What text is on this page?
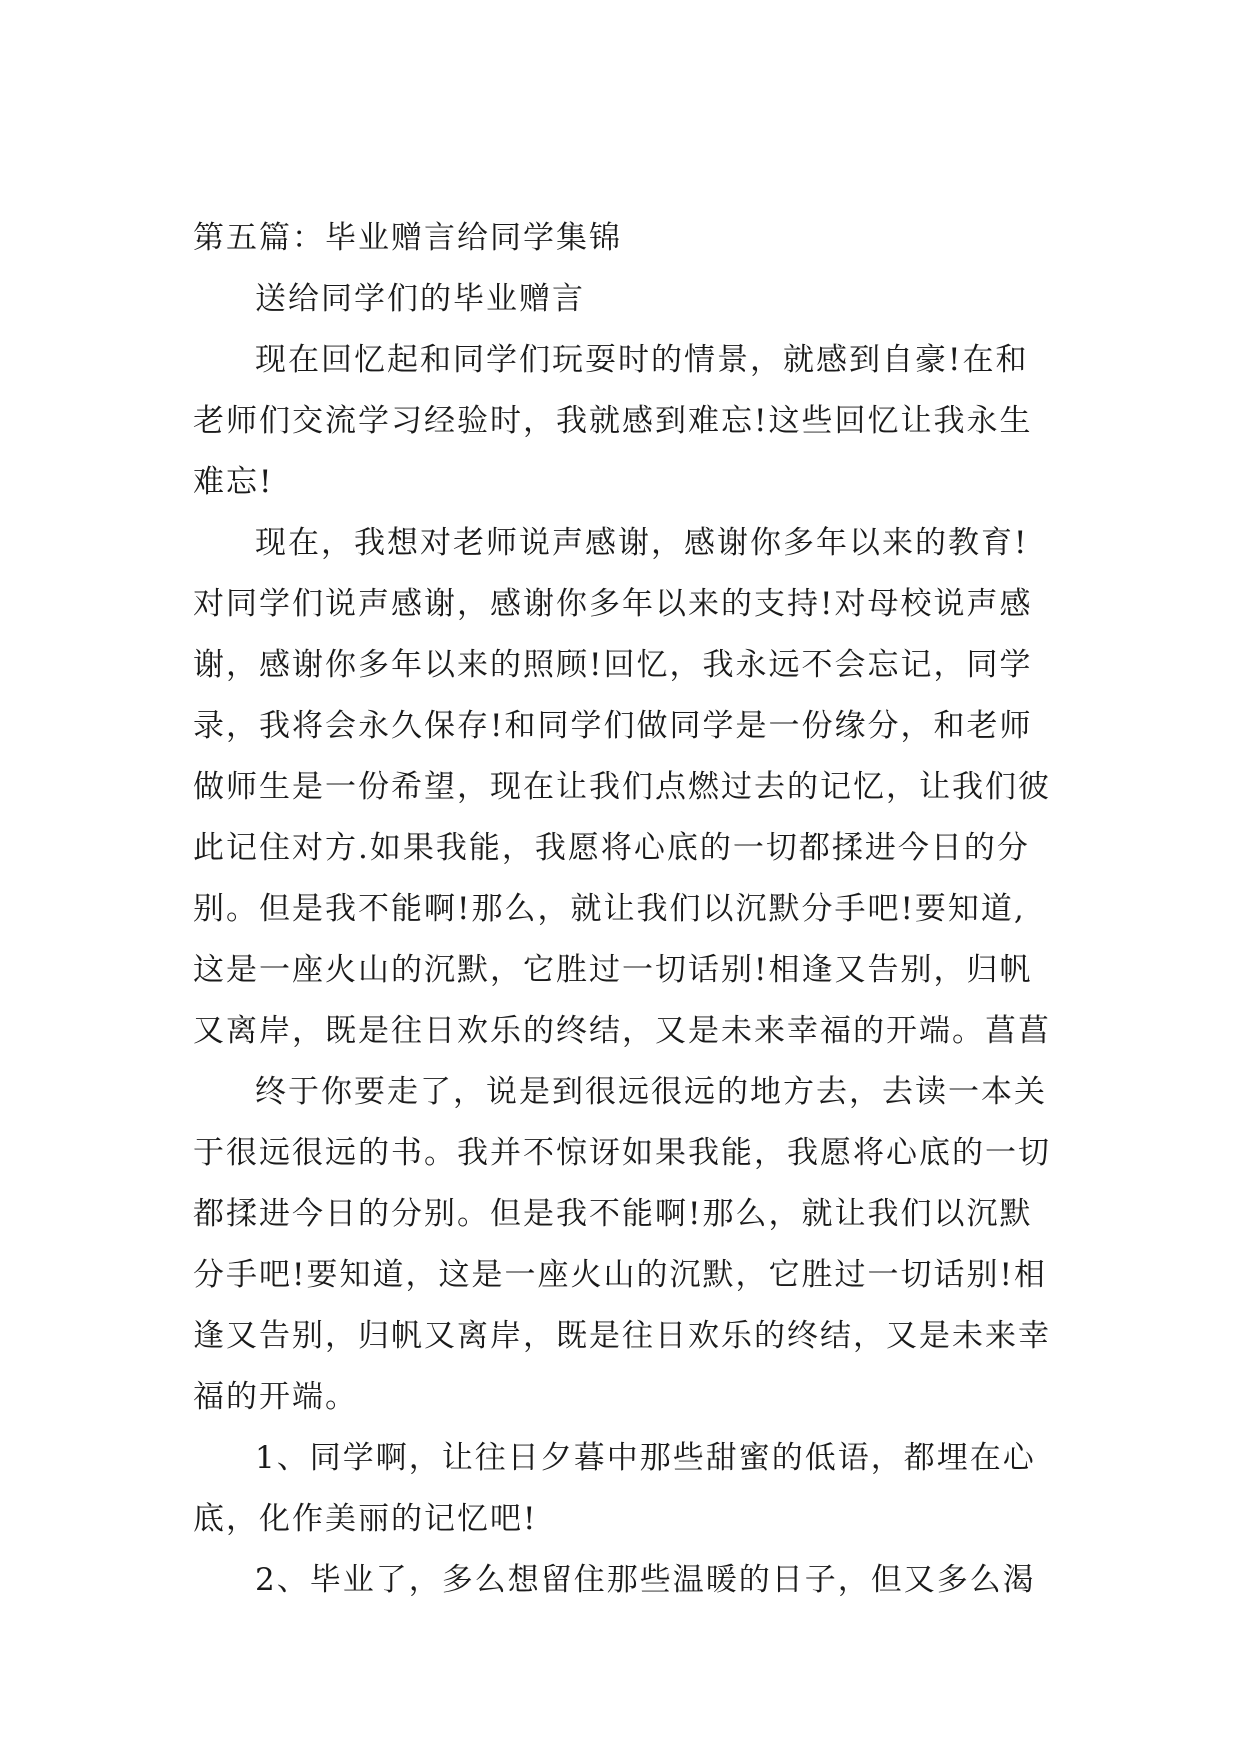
第五篇：毕业赠言给同学集锦
送给同学们的毕业赠言
现在回忆起和同学们玩耍时的情景，就感到自豪!在和
老师们交流学习经验时，我就感到难忘!这些回忆让我永生
难忘!
现在，我想对老师说声感谢，感谢你多年以来的教育!
对同学们说声感谢，感谢你多年以来的支持!对母校说声感
谢，感谢你多年以来的照顾!回忆，我永远不会忘记，同学
录，我将会永久保存!和同学们做同学是一份缘分，和老师
做师生是一份希望，现在让我们点燃过去的记忆，让我们彼
此记住对方.如果我能，我愿将心底的一切都揉进今日的分
别。但是我不能啊!那么，就让我们以沉默分手吧!要知道,
这是一座火山的沉默，它胜过一切话别!相逢又告别，归帆
又离岸，既是往日欢乐的终结，又是未来幸福的开端。菖菖
终于你要走了，说是到很远很远的地方去，去读一本关
于很远很远的书。我并不惊讶如果我能，我愿将心底的一切
都揉进今日的分别。但是我不能啊!那么，就让我们以沉默
分手吧!要知道，这是一座火山的沉默，它胜过一切话别!相
逢又告别，归帆又离岸，既是往日欢乐的终结，又是未来幸
福的开端。
1、同学啊，让往日夕暮中那些甜蜜的低语，都埋在心
底，化作美丽的记忆吧!
2、毕业了，多么想留住那些温暖的日子，但又多么渴
